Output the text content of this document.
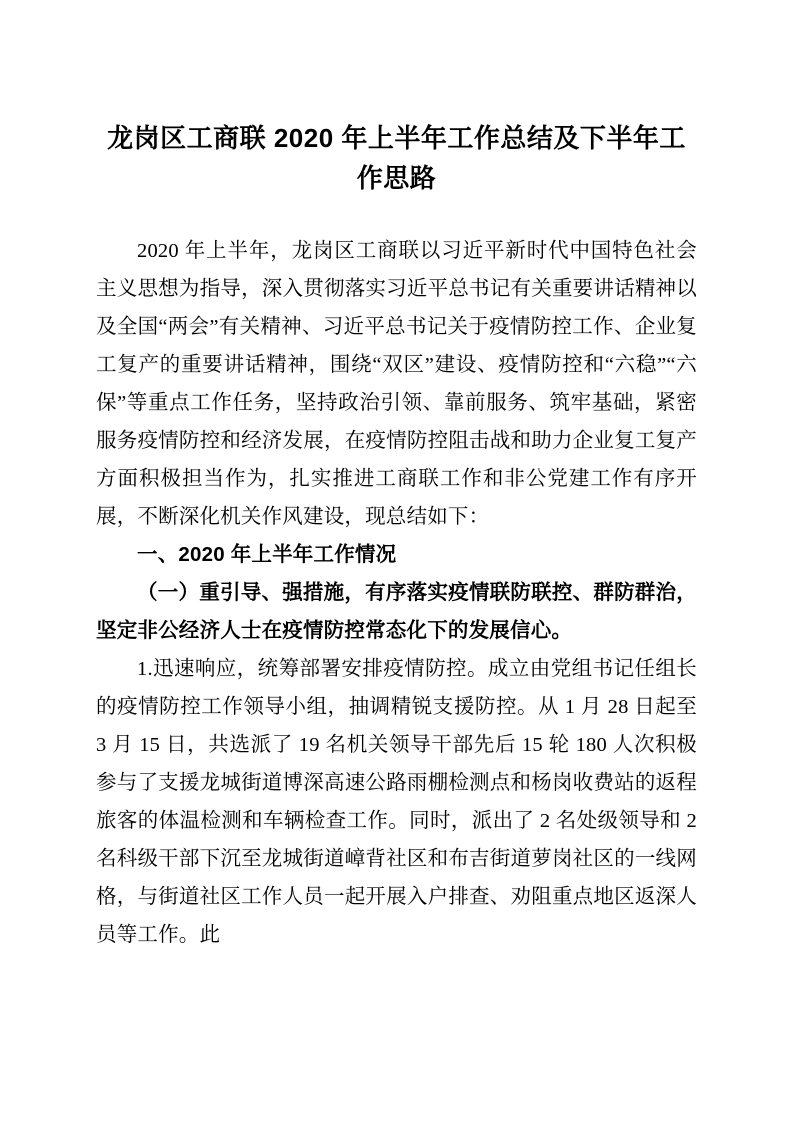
龙岗区工商联 2020 年上半年工作总结及下半年工作思路

2020 年上半年，龙岗区工商联以习近平新时代中国特色社会主义思想为指导，深入贯彻落实习近平总书记有关重要讲话精神以及全国“两会”有关精神、习近平总书记关于疫情防控工作、企业复工复产的重要讲话精神，围绕“双区”建设、疫情防控和“六稳”“六保”等重点工作任务，坚持政治引领、靠前服务、筑牢基础，紧密服务疫情防控和经济发展，在疫情防控阻击战和助力企业复工复产方面积极担当作为，扎实推进工商联工作和非公党建工作有序开展，不断深化机关作风建设，现总结如下：

一、2020 年上半年工作情况

（一）重引导、强措施，有序落实疫情联防联控、群防群治，坚定非公经济人士在疫情防控常态化下的发展信心。

1.迅速响应，统筹部署安排疫情防控。成立由党组书记任组长的疫情防控工作领导小组，抽调精锐支援防控。从 1 月 28 日起至 3 月 15 日，共选派了 19 名机关领导干部先后 15 轮 180 人次积极参与了支援龙城街道博深高速公路雨棚检测点和杨岗收费站的返程旅客的体温检测和车辆检查工作。同时，派出了 2 名处级领导和 2 名科级干部下沉至龙城街道嶂背社区和布吉街道萝岗社区的一线网格，与街道社区工作人员一起开展入户排查、劝阻重点地区返深人员等工作。此
